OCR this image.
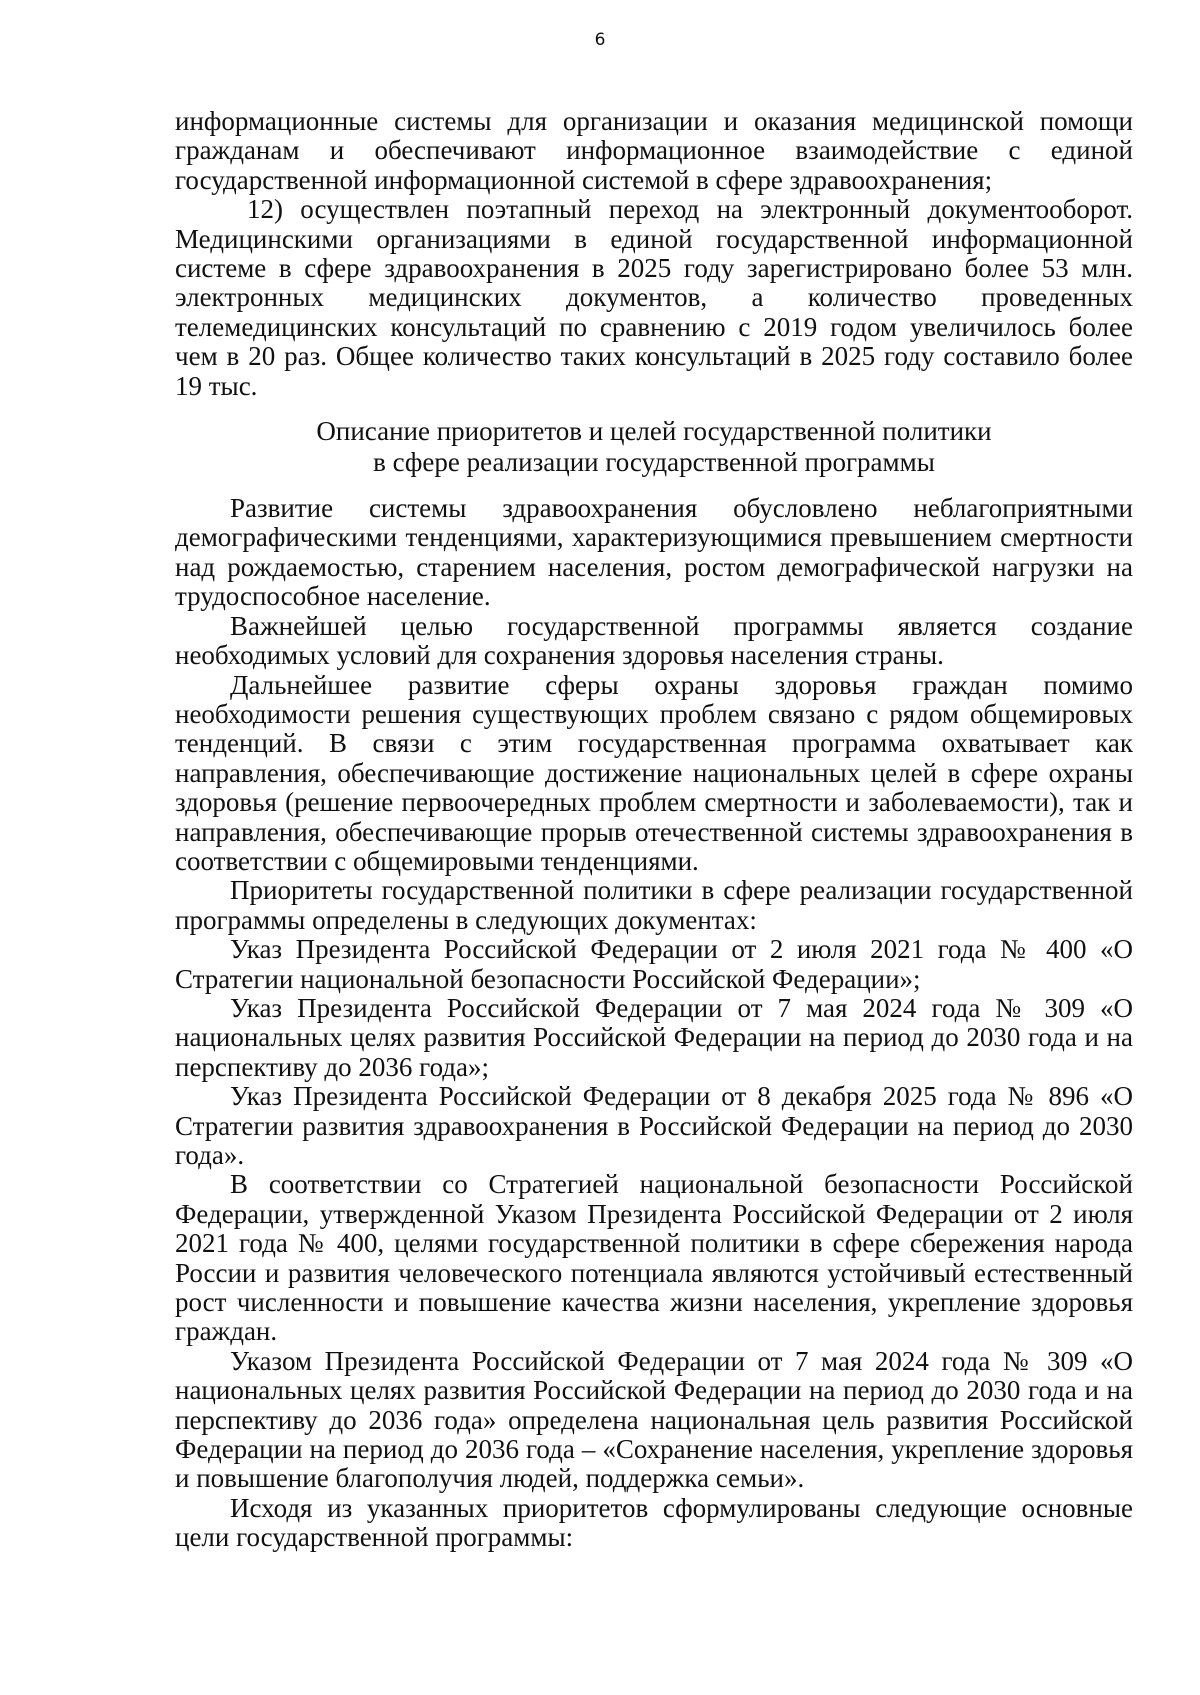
6

информационные системы для организации и оказания медицинской помощи гражданам и обеспечивают информационное взаимодействие с единой государственной информационной системой в сфере здравоохранения;

12) осуществлен поэтапный переход на электронный документооборот. Медицинскими организациями в единой государственной информационной системе в сфере здравоохранения в 2025 году зарегистрировано более 53 млн. электронных медицинских документов, а количество проведенных телемедицинских консультаций по сравнению с 2019 годом увеличилось более чем в 20 раз. Общее количество таких консультаций в 2025 году составило более 19 тыс.

Описание приоритетов и целей государственной политики
в сфере реализации государственной программы

Развитие системы здравоохранения обусловлено неблагоприятными демографическими тенденциями, характеризующимися превышением смертности над рождаемостью, старением населения, ростом демографической нагрузки на трудоспособное население.

Важнейшей целью государственной программы является создание необходимых условий для сохранения здоровья населения страны.

Дальнейшее развитие сферы охраны здоровья граждан помимо необходимости решения существующих проблем связано с рядом общемировых тенденций. В связи с этим государственная программа охватывает как направления, обеспечивающие достижение национальных целей в сфере охраны здоровья (решение первоочередных проблем смертности и заболеваемости), так и направления, обеспечивающие прорыв отечественной системы здравоохранения в соответствии с общемировыми тенденциями.

Приоритеты государственной политики в сфере реализации государственной программы определены в следующих документах:

Указ Президента Российской Федерации от 2 июля 2021 года № 400 «О Стратегии национальной безопасности Российской Федерации»;

Указ Президента Российской Федерации от 7 мая 2024 года № 309 «О национальных целях развития Российской Федерации на период до 2030 года и на перспективу до 2036 года»;

Указ Президента Российской Федерации от 8 декабря 2025 года № 896 «О Стратегии развития здравоохранения в Российской Федерации на период до 2030 года».

В соответствии со Стратегией национальной безопасности Российской Федерации, утвержденной Указом Президента Российской Федерации от 2 июля 2021 года № 400, целями государственной политики в сфере сбережения народа России и развития человеческого потенциала являются устойчивый естественный рост численности и повышение качества жизни населения, укрепление здоровья граждан.

Указом Президента Российской Федерации от 7 мая 2024 года № 309 «О национальных целях развития Российской Федерации на период до 2030 года и на перспективу до 2036 года» определена национальная цель развития Российской Федерации на период до 2036 года – «Сохранение населения, укрепление здоровья и повышение благополучия людей, поддержка семьи».

Исходя из указанных приоритетов сформулированы следующие основные цели государственной программы:
